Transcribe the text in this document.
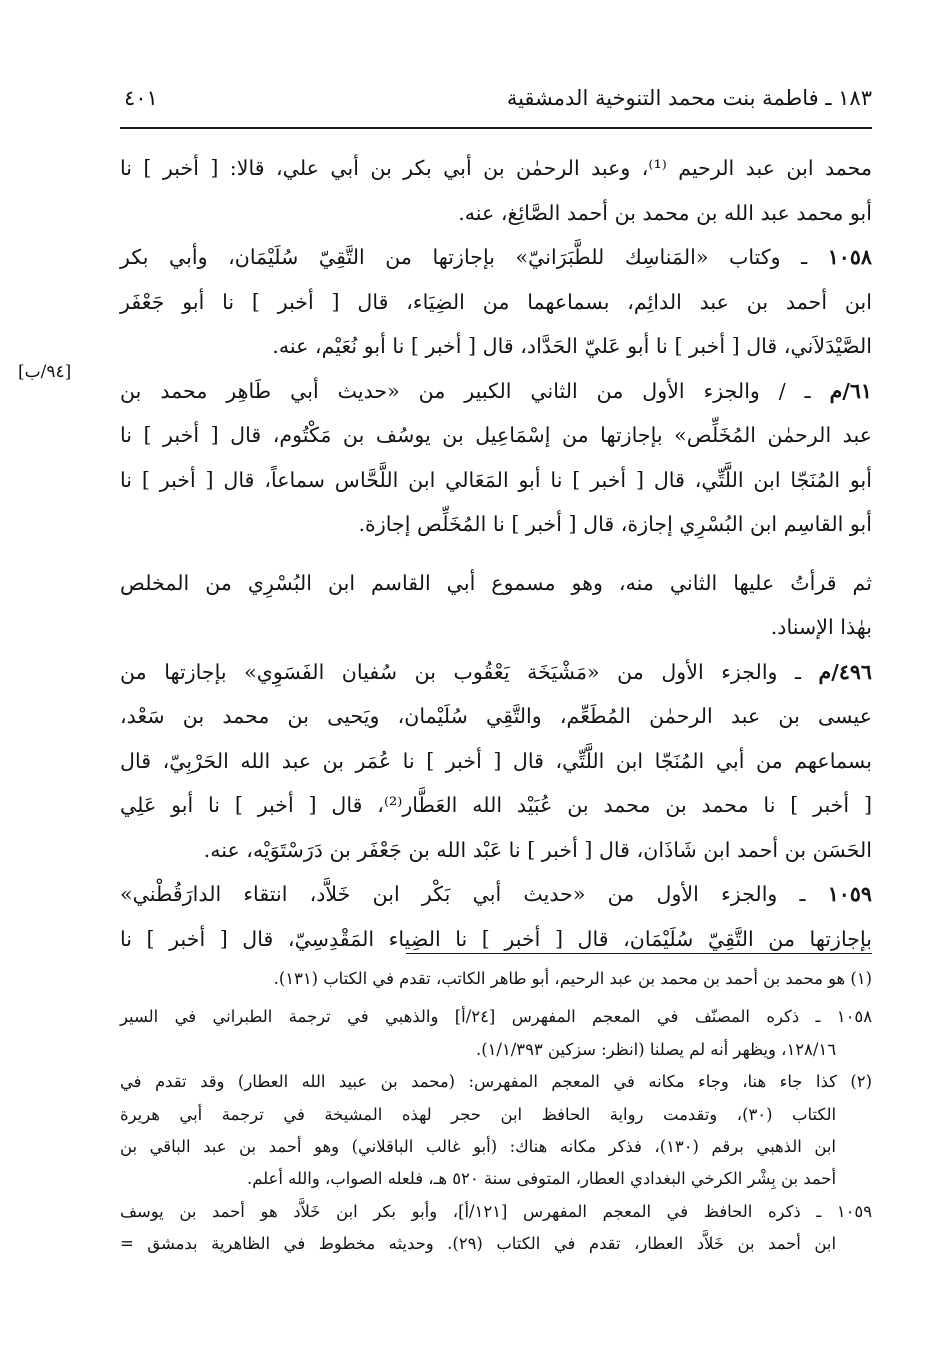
١٨٣ ـ فاطمة بنت محمد التنوخية الدمشقية
٤٠١
[٩٤/ب]
محمد ابن عبد الرحيم ⁽¹⁾، وعبد الرحمٰن بن أبي بكر بن أبي علي، قالا: [ أخبر ] نا
أبو محمد عبد الله بن محمد بن أحمد الصَّائِغ، عنه.
١٠٥٨ ـ وكتاب «المَناسِك للطَّبَرَانيّ» بإجازتها من التَّقِيّ سُلَيْمَان، وأبي بكر
ابن أحمد بن عبد الدائِم، بسماعهما من الضِيَاء، قال [ أخبر ] نا أبو جَعْفَر
الصَّيْدَلاَني، قال [ أخبر ] نا أبو عَليّ الحَدَّاد، قال [ أخبر ] نا أبو نُعَيْم، عنه.
٦١/م ـ / والجزء الأول من الثاني الكبير من «حديث أبي طَاهِر محمد بن
عبد الرحمٰن المُخَلِّص» بإجازتها من إسْمَاعِيل بن يوسُف بن مَكْتُوم، قال [ أخبر ] نا
أبو المُنَجّا ابن اللَّتِّي، قال [ أخبر ] نا أبو المَعَالي ابن اللَّحَّاس سماعاً، قال [ أخبر ] نا
أبو القاسِم ابن البُسْرِي إجازة، قال [ أخبر ] نا المُخَلِّص إجازة.
ثم قرأتُ عليها الثاني منه، وهو مسموع أبي القاسم ابن البُسْرِي من المخلص
بهٰذا الإسناد.
٤٩٦/م ـ والجزء الأول من «مَشْيَخَة يَعْقُوب بن سُفيان الفَسَوِي» بإجازتها من
عيسى بن عبد الرحمٰن المُطَعِّم، والتَّقِي سُلَيْمان، ويَحيى بن محمد بن سَعْد،
بسماعهم من أبي المُنَجّا ابن اللَّتِّي، قال [ أخبر ] نا عُمَر بن عبد الله الحَرْبِيّ، قال
[ أخبر ] نا محمد بن محمد بن عُبَيْد الله العَطَّار⁽²⁾، قال [ أخبر ] نا أبو عَلِي
الحَسَن بن أحمد ابن شَاذَان، قال [ أخبر ] نا عَبْد الله بن جَعْفَر بن دَرَسْتَوَيْه، عنه.
١٠٥٩ ـ والجزء الأول من «حديث أبي بَكْر ابن خَلاَّد، انتقاء الدارَقُطْني»
بإجازتها من التَّقِيّ سُلَيْمَان، قال [ أخبر ] نا الضِياء المَقْدِسِيّ، قال [ أخبر ] نا
(١) هو محمد بن أحمد بن محمد بن عبد الرحيم، أبو طاهر الكاتب، تقدم في الكتاب (١٣١).
١٠٥٨ ـ ذكره المصنّف في المعجم المفهرس [٢٤/أ] والذهبي في ترجمة الطبراني في السير
١٢٨/١٦، ويظهر أنه لم يصلنا (انظر: سزكين ١/١/٣٩٣).
(٢) كذا جاء هنا، وجاء مكانه في المعجم المفهرس: (محمد بن عبيد الله العطار) وقد تقدم في
الكتاب (٣٠)، وتقدمت رواية الحافظ ابن حجر لهذه المشيخة في ترجمة أبي هريرة
ابن الذهبي برقم (١٣٠)، فذكر مكانه هناك: (أبو غالب الباقلاني) وهو أحمد بن عبد الباقي بن
أحمد بن بِشْر الكرخي البغدادي العطار، المتوفى سنة ٥٢٠ هـ، فلعله الصواب، والله أعلم.
١٠٥٩ ـ ذكره الحافظ في المعجم المفهرس [١٢١/أ]، وأبو بكر ابن خَلاَّد هو أحمد بن يوسف
ابن أحمد بن خَلاَّد العطار، تقدم في الكتاب (٢٩). وحديثه مخطوط في الظاهرية بدمشق =
